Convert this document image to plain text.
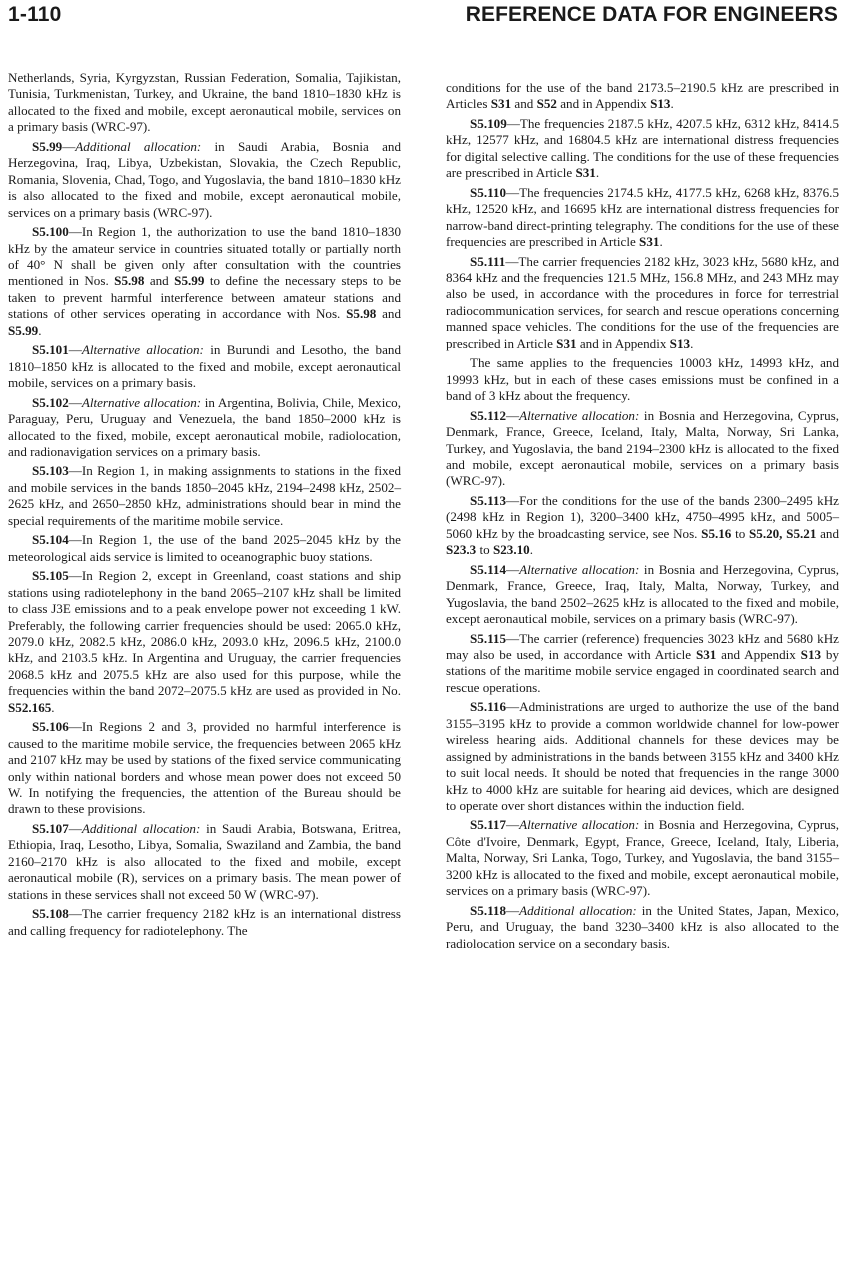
1-110	REFERENCE DATA FOR ENGINEERS

Netherlands, Syria, Kyrgyzstan, Russian Federation, Somalia, Tajikistan, Tunisia, Turkmenistan, Turkey, and Ukraine, the band 1810–1830 kHz is allocated to the fixed and mobile, except aeronautical mobile, services on a primary basis (WRC-97).

S5.99—Additional allocation: in Saudi Arabia, Bosnia and Herzegovina, Iraq, Libya, Uzbekistan, Slovakia, the Czech Republic, Romania, Slovenia, Chad, Togo, and Yugoslavia, the band 1810–1830 kHz is also allocated to the fixed and mobile, except aeronautical mobile, services on a primary basis (WRC-97).

S5.100—In Region 1, the authorization to use the band 1810–1830 kHz by the amateur service in countries situated totally or partially north of 40° N shall be given only after consultation with the countries mentioned in Nos. S5.98 and S5.99 to define the necessary steps to be taken to prevent harmful interference between amateur stations and stations of other services operating in accordance with Nos. S5.98 and S5.99.

S5.101—Alternative allocation: in Burundi and Lesotho, the band 1810–1850 kHz is allocated to the fixed and mobile, except aeronautical mobile, services on a primary basis.

S5.102—Alternative allocation: in Argentina, Bolivia, Chile, Mexico, Paraguay, Peru, Uruguay and Venezuela, the band 1850–2000 kHz is allocated to the fixed, mobile, except aeronautical mobile, radiolocation, and radionavigation services on a primary basis.

S5.103—In Region 1, in making assignments to stations in the fixed and mobile services in the bands 1850–2045 kHz, 2194–2498 kHz, 2502–2625 kHz, and 2650–2850 kHz, administrations should bear in mind the special requirements of the maritime mobile service.

S5.104—In Region 1, the use of the band 2025–2045 kHz by the meteorological aids service is limited to oceanographic buoy stations.

S5.105—In Region 2, except in Greenland, coast stations and ship stations using radiotelephony in the band 2065–2107 kHz shall be limited to class J3E emissions and to a peak envelope power not exceeding 1 kW. Preferably, the following carrier frequencies should be used: 2065.0 kHz, 2079.0 kHz, 2082.5 kHz, 2086.0 kHz, 2093.0 kHz, 2096.5 kHz, 2100.0 kHz, and 2103.5 kHz. In Argentina and Uruguay, the carrier frequencies 2068.5 kHz and 2075.5 kHz are also used for this purpose, while the frequencies within the band 2072–2075.5 kHz are used as provided in No. S52.165.

S5.106—In Regions 2 and 3, provided no harmful interference is caused to the maritime mobile service, the frequencies between 2065 kHz and 2107 kHz may be used by stations of the fixed service communicating only within national borders and whose mean power does not exceed 50 W. In notifying the frequencies, the attention of the Bureau should be drawn to these provisions.

S5.107—Additional allocation: in Saudi Arabia, Botswana, Eritrea, Ethiopia, Iraq, Lesotho, Libya, Somalia, Swaziland and Zambia, the band 2160–2170 kHz is also allocated to the fixed and mobile, except aeronautical mobile (R), services on a primary basis. The mean power of stations in these services shall not exceed 50 W (WRC-97).

S5.108—The carrier frequency 2182 kHz is an international distress and calling frequency for radiotelephony. The

conditions for the use of the band 2173.5–2190.5 kHz are prescribed in Articles S31 and S52 and in Appendix S13.

S5.109—The frequencies 2187.5 kHz, 4207.5 kHz, 6312 kHz, 8414.5 kHz, 12577 kHz, and 16804.5 kHz are international distress frequencies for digital selective calling. The conditions for the use of these frequencies are prescribed in Article S31.

S5.110—The frequencies 2174.5 kHz, 4177.5 kHz, 6268 kHz, 8376.5 kHz, 12520 kHz, and 16695 kHz are international distress frequencies for narrow-band direct-printing telegraphy. The conditions for the use of these frequencies are prescribed in Article S31.

S5.111—The carrier frequencies 2182 kHz, 3023 kHz, 5680 kHz, and 8364 kHz and the frequencies 121.5 MHz, 156.8 MHz, and 243 MHz may also be used, in accordance with the procedures in force for terrestrial radiocommunication services, for search and rescue operations concerning manned space vehicles. The conditions for the use of the frequencies are prescribed in Article S31 and in Appendix S13.

The same applies to the frequencies 10003 kHz, 14993 kHz, and 19993 kHz, but in each of these cases emissions must be confined in a band of 3 kHz about the frequency.

S5.112—Alternative allocation: in Bosnia and Herzegovina, Cyprus, Denmark, France, Greece, Iceland, Italy, Malta, Norway, Sri Lanka, Turkey, and Yugoslavia, the band 2194–2300 kHz is allocated to the fixed and mobile, except aeronautical mobile, services on a primary basis (WRC-97).

S5.113—For the conditions for the use of the bands 2300–2495 kHz (2498 kHz in Region 1), 3200–3400 kHz, 4750–4995 kHz, and 5005–5060 kHz by the broadcasting service, see Nos. S5.16 to S5.20, S5.21 and S23.3 to S23.10.

S5.114—Alternative allocation: in Bosnia and Herzegovina, Cyprus, Denmark, France, Greece, Iraq, Italy, Malta, Norway, Turkey, and Yugoslavia, the band 2502–2625 kHz is allocated to the fixed and mobile, except aeronautical mobile, services on a primary basis (WRC-97).

S5.115—The carrier (reference) frequencies 3023 kHz and 5680 kHz may also be used, in accordance with Article S31 and Appendix S13 by stations of the maritime mobile service engaged in coordinated search and rescue operations.

S5.116—Administrations are urged to authorize the use of the band 3155–3195 kHz to provide a common worldwide channel for low-power wireless hearing aids. Additional channels for these devices may be assigned by administrations in the bands between 3155 kHz and 3400 kHz to suit local needs. It should be noted that frequencies in the range 3000 kHz to 4000 kHz are suitable for hearing aid devices, which are designed to operate over short distances within the induction field.

S5.117—Alternative allocation: in Bosnia and Herzegovina, Cyprus, Côte d'Ivoire, Denmark, Egypt, France, Greece, Iceland, Italy, Liberia, Malta, Norway, Sri Lanka, Togo, Turkey, and Yugoslavia, the band 3155–3200 kHz is allocated to the fixed and mobile, except aeronautical mobile, services on a primary basis (WRC-97).

S5.118—Additional allocation: in the United States, Japan, Mexico, Peru, and Uruguay, the band 3230–3400 kHz is also allocated to the radiolocation service on a secondary basis.
